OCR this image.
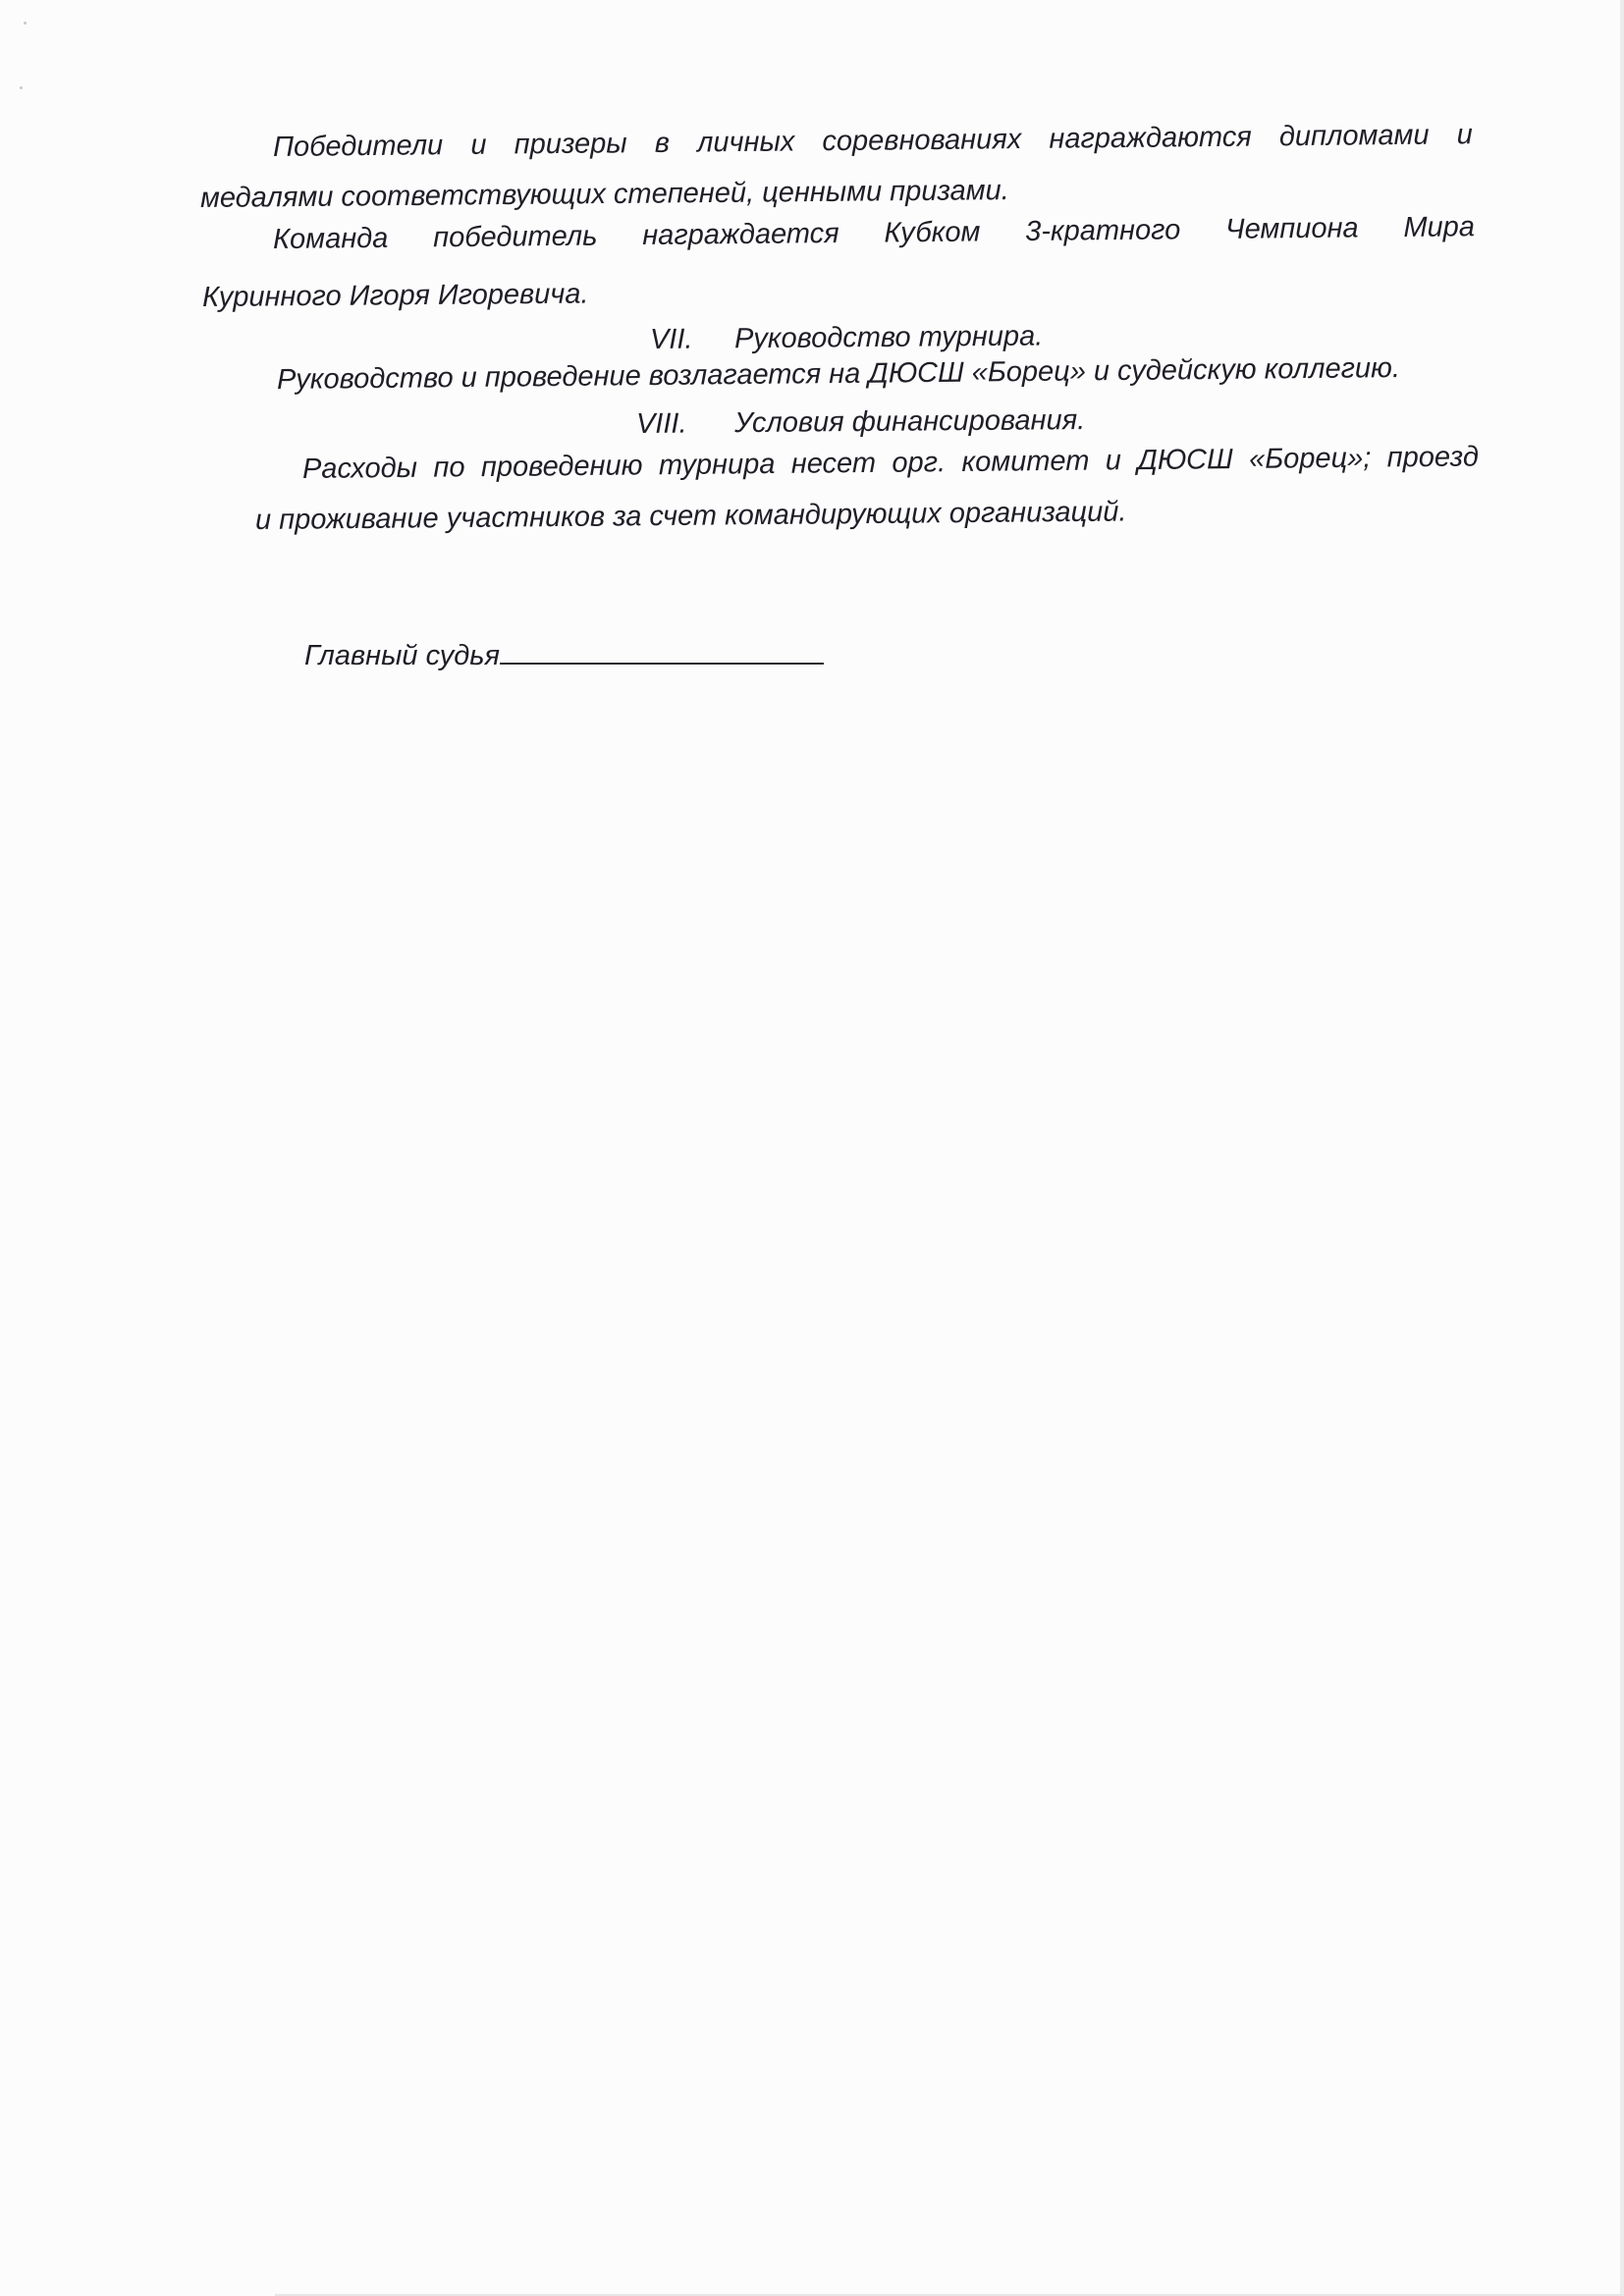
Победители и призеры в личных соревнованиях награждаются дипломами и

медалями соответствующих степеней, ценными призами.

Команда победитель награждается Кубком 3-кратного Чемпиона Мира

Куринного Игоря Игоревича.

VII. Руководство турнира.

Руководство и проведение возлагается на ДЮСШ «Борец» и судейскую коллегию.

VIII. Условия финансирования.
Расходы по проведению турнира несет орг. комитет и ДЮСШ «Борец»; проезд

и проживание участников за счет командирующих организаций.

Главный судья
